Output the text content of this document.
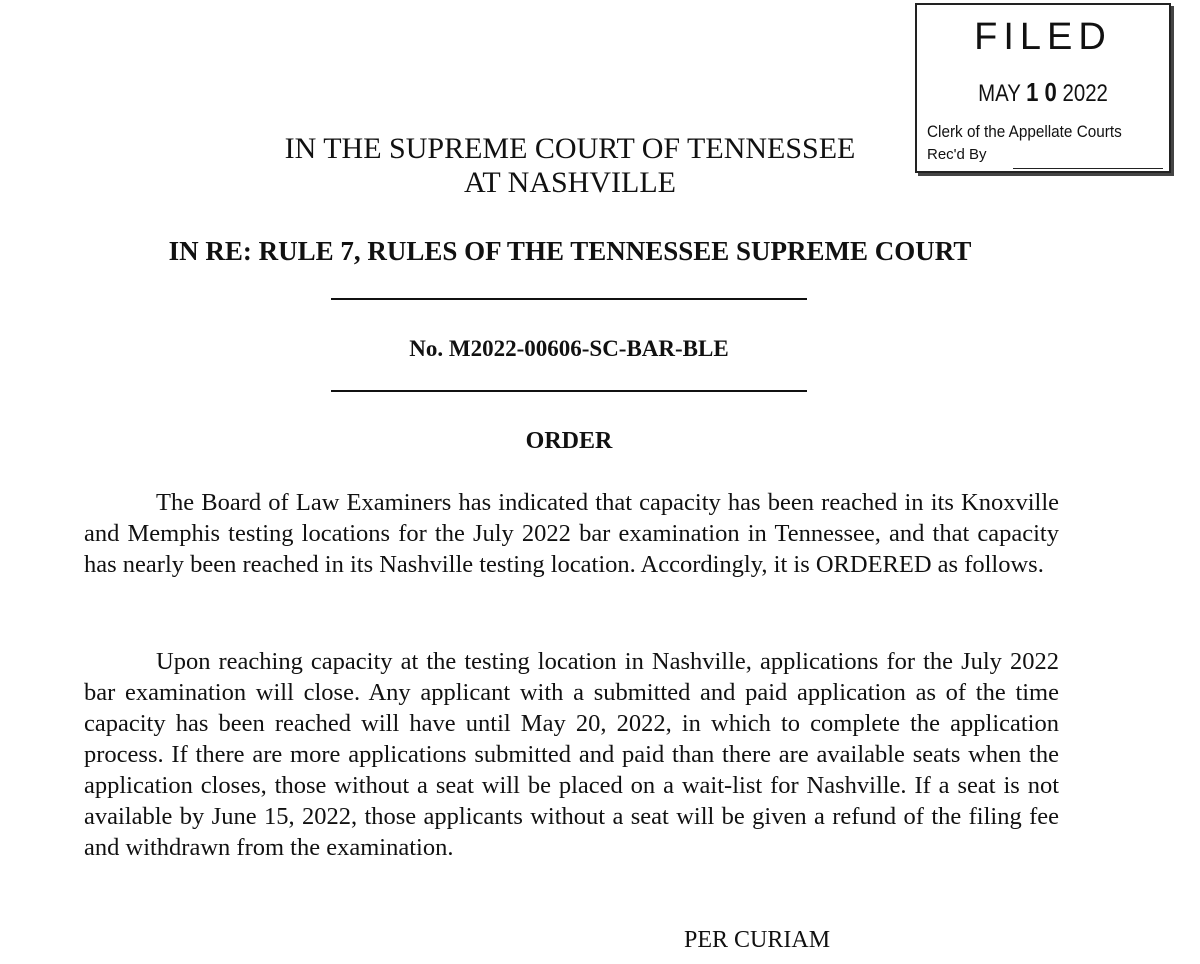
FILED
MAY 1 0 2022
Clerk of the Appellate Courts
Rec'd By
IN THE SUPREME COURT OF TENNESSEE
AT NASHVILLE
IN RE: RULE 7, RULES OF THE TENNESSEE SUPREME COURT
No. M2022-00606-SC-BAR-BLE
ORDER

The Board of Law Examiners has indicated that capacity has been reached in its Knoxville and Memphis testing locations for the July 2022 bar examination in Tennessee, and that capacity has nearly been reached in its Nashville testing location. Accordingly, it is ORDERED as follows.

Upon reaching capacity at the testing location in Nashville, applications for the July 2022 bar examination will close. Any applicant with a submitted and paid application as of the time capacity has been reached will have until May 20, 2022, in which to complete the application process. If there are more applications submitted and paid than there are available seats when the application closes, those without a seat will be placed on a wait-list for Nashville. If a seat is not available by June 15, 2022, those applicants without a seat will be given a refund of the filing fee and withdrawn from the examination.

PER CURIAM
